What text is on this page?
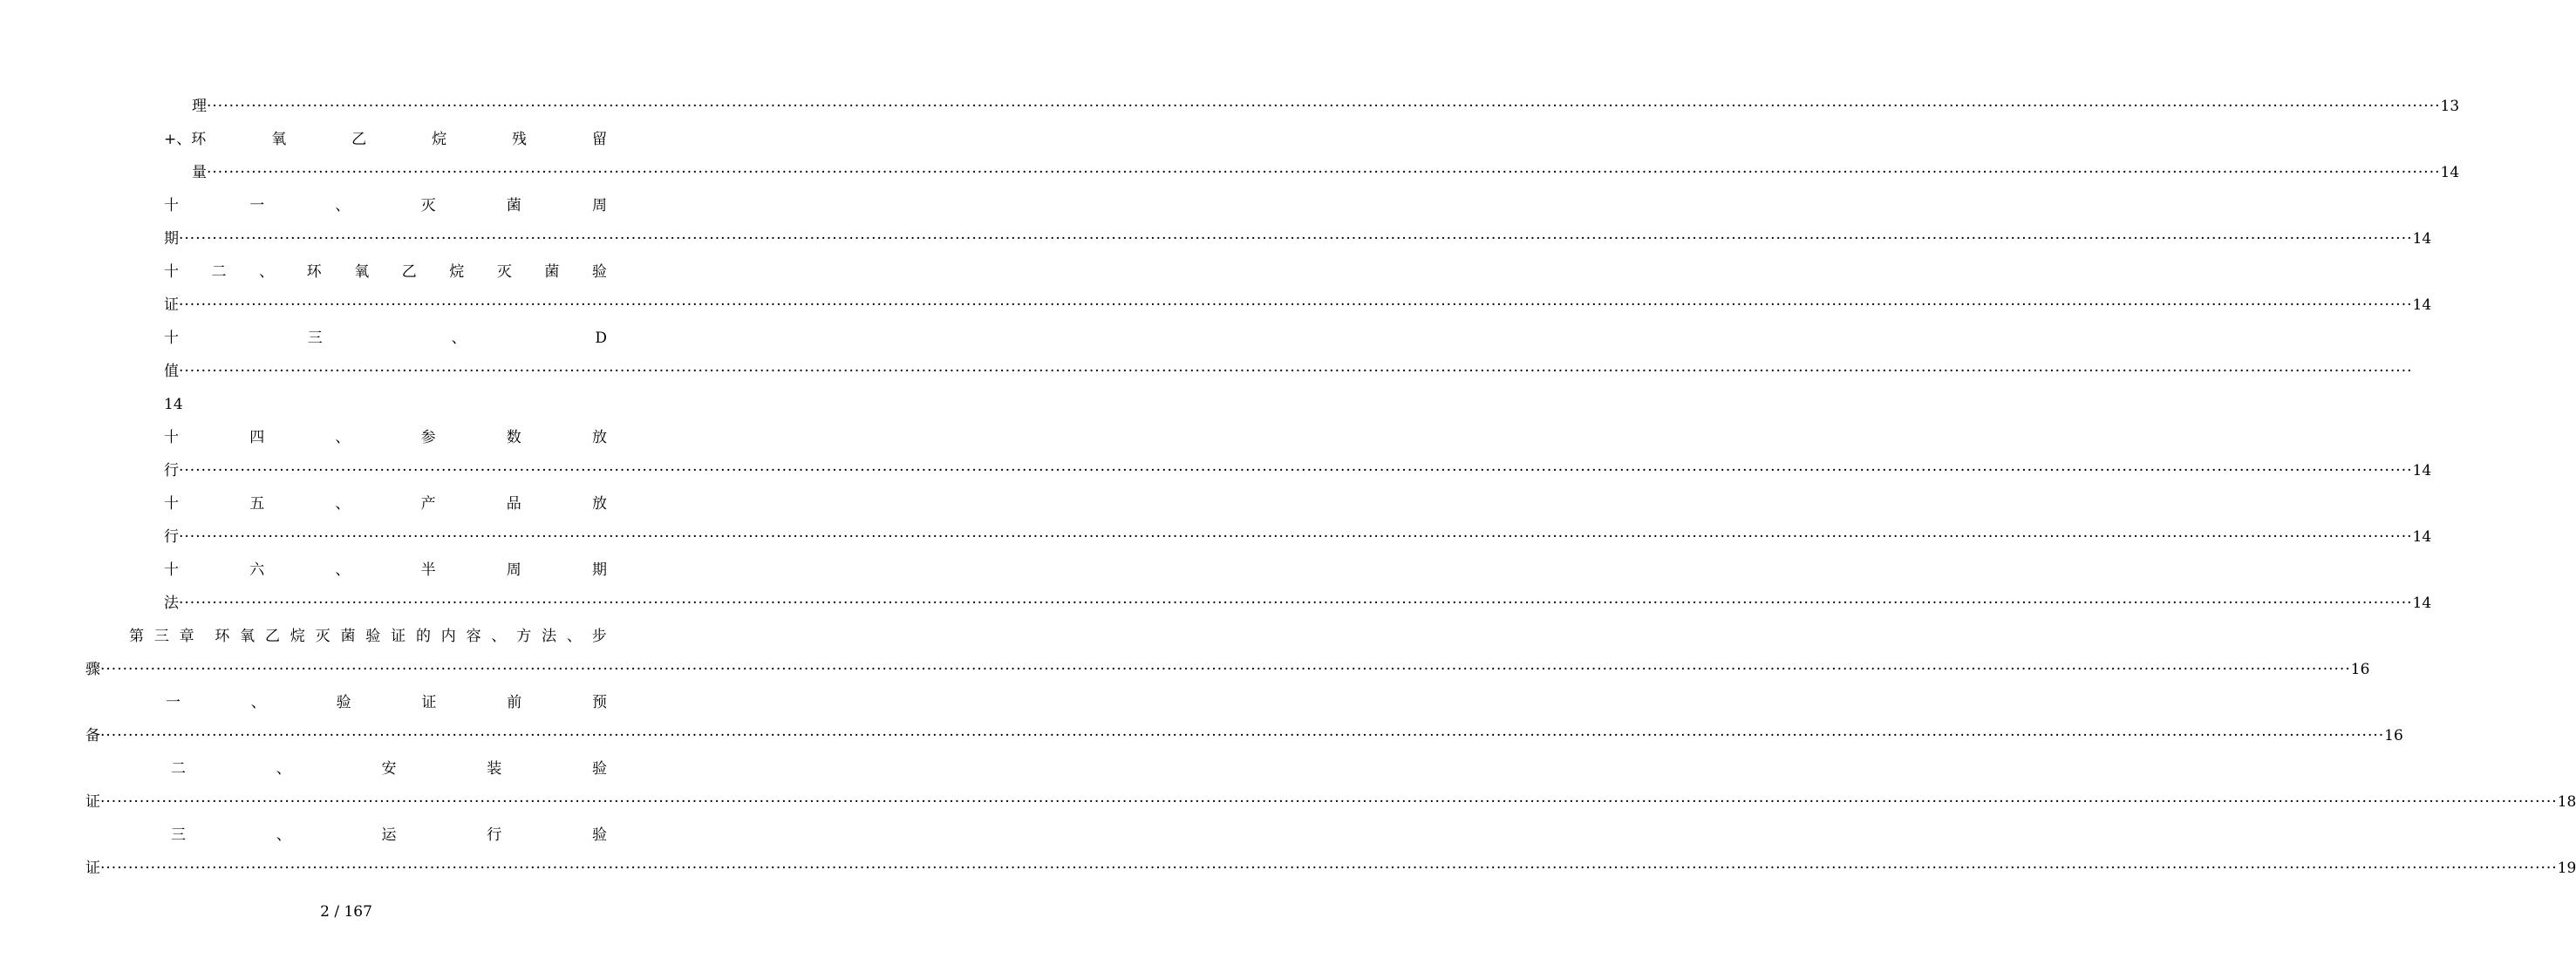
理 ················································································································································································································································································································································································································ 13
+、环	氧	乙	烷	残	留
量 ················································································································································································································································································································································································································ 14
十	一	、	灭	菌	周
期 ················································································································································································································································································································································································································ 14
十 二 、 环 氧 乙 烷 灭 菌 验
证 ················································································································································································································································································································································································································ 14
十	三	、	D
值 ················································································································································································································································································································································································································
14
十	四	、	参	数	放
行 ················································································································································································································································································································································································································ 14
十	五	、	产	品	放
行 ················································································································································································································································································································································································································ 14
十	六	、	半	周	期
法 ················································································································································································································································································································································································································ 14
第 三 章 环 氧 乙 烷 灭 菌 验 证 的 内 容 、 方 法 、 步
骤 ··· ················································································································································································································································································································································································································ 16
一	、	验	证	前	预
备 ········· ················································································································································································································································································································································································································ 16
二	、	安	装	验
证 ········································ ················································································································································································································································································································································································································ 18
三	、	运	行	验
证 ········································ ················································································································································································································································································································································································································ 19
2 / 167
